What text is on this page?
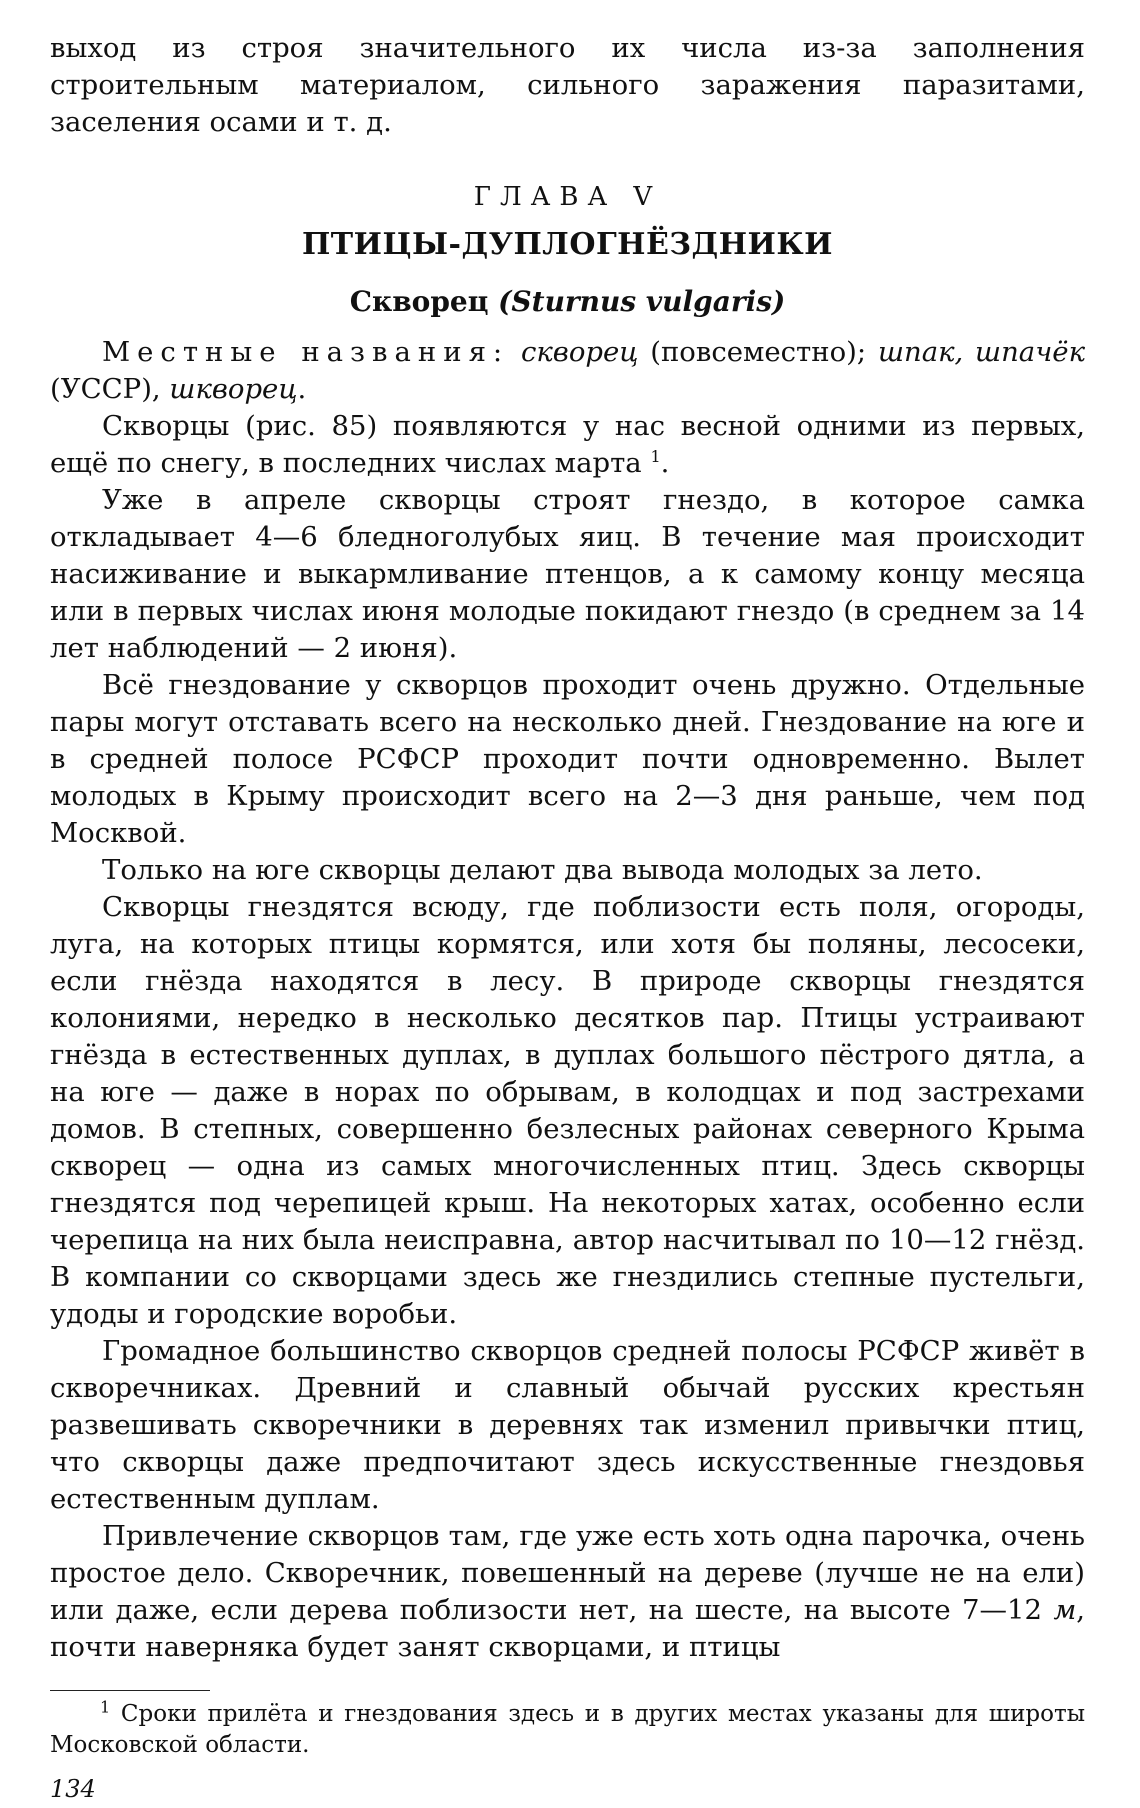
выход из строя значительного их числа из-за заполнения строительным материалом, сильного заражения паразитами, заселения осами и т. д.

ГЛАВА V
ПТИЦЫ-ДУПЛОГНЁЗДНИКИ
Скворец (Sturnus vulgaris)

Местные названия: скворец (повсеместно); шпак, шпачёк (УССР), шкворец.

Скворцы (рис. 85) появляются у нас весной одними из первых, ещё по снегу, в последних числах марта $^1$.

Уже в апреле скворцы строят гнездо, в которое самка откладывает 4—6 бледноголубых яиц. В течение мая происходит насиживание и выкармливание птенцов, а к самому концу месяца или в первых числах июня молодые покидают гнездо (в среднем за 14 лет наблюдений — 2 июня).

Всё гнездование у скворцов проходит очень дружно. Отдельные пары могут отставать всего на несколько дней. Гнездование на юге и в средней полосе РСФСР проходит почти одновременно. Вылет молодых в Крыму происходит всего на 2—3 дня раньше, чем под Москвой.

Только на юге скворцы делают два вывода молодых за лето.

Скворцы гнездятся всюду, где поблизости есть поля, огороды, луга, на которых птицы кормятся, или хотя бы поляны, лесосеки, если гнёзда находятся в лесу. В природе скворцы гнездятся колониями, нередко в несколько десятков пар. Птицы устраивают гнёзда в естественных дуплах, в дуплах большого пёстрого дятла, а на юге — даже в норах по обрывам, в колодцах и под застрехами домов. В степных, совершенно безлесных районах северного Крыма скворец — одна из самых многочисленных птиц. Здесь скворцы гнездятся под черепицей крыш. На некоторых хатах, особенно если черепица на них была неисправна, автор насчитывал по 10—12 гнёзд. В компании со скворцами здесь же гнездились степные пустельги, удоды и городские воробьи.

Громадное большинство скворцов средней полосы РСФСР живёт в скворечниках. Древний и славный обычай русских крестьян развешивать скворечники в деревнях так изменил привычки птиц, что скворцы даже предпочитают здесь искусственные гнездовья естественным дуплам.

Привлечение скворцов там, где уже есть хоть одна парочка, очень простое дело. Скворечник, повешенный на дереве (лучше не на ели) или даже, если дерева поблизости нет, на шесте, на высоте 7—12 м, почти наверняка будет занят скворцами, и птицы

$^1$ Сроки прилёта и гнездования здесь и в других местах указаны для широты Московской области.

134
